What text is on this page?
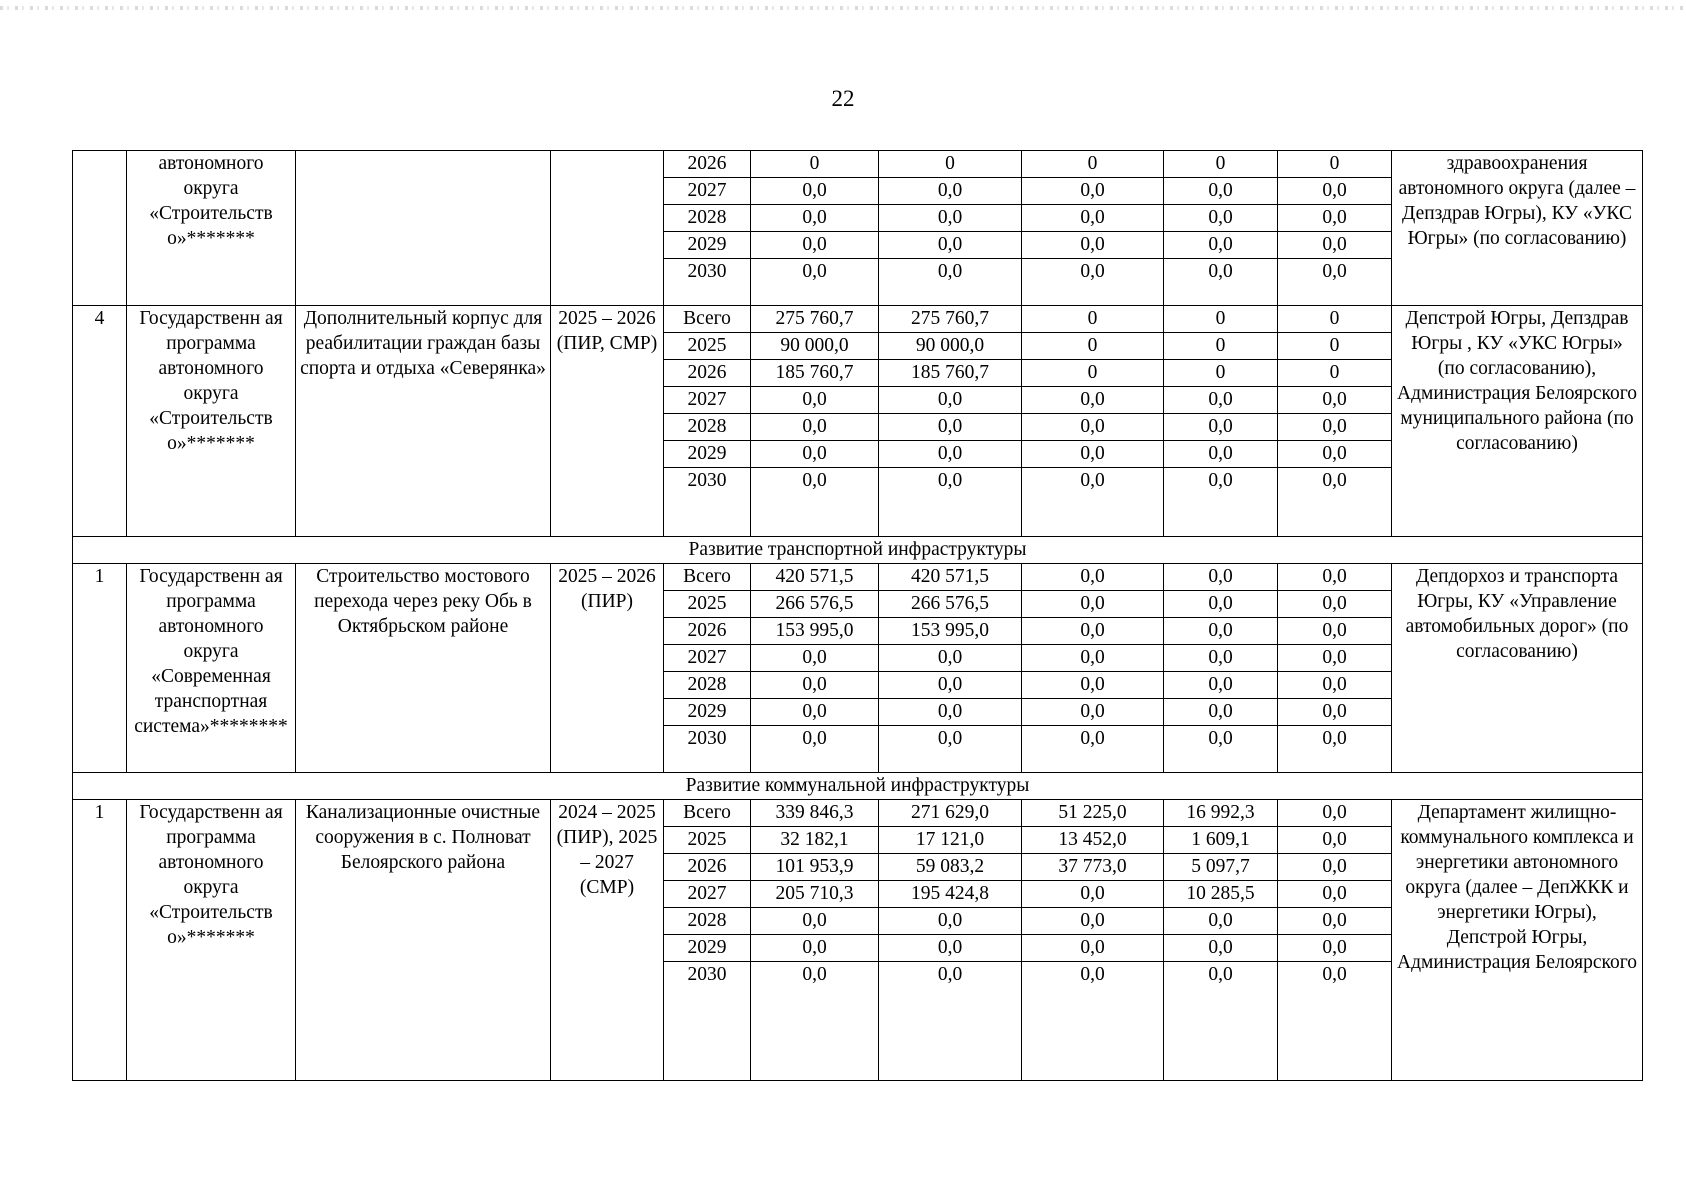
22
	автономного округа «Строительств о»*******			2026	0	0	0	0	0	здравоохранения автономного округа (далее – Депздрав Югры), КУ «УКС Югры» (по согласованию)
				2027	0,0	0,0	0,0	0,0	0,0	
				2028	0,0	0,0	0,0	0,0	0,0	
				2029	0,0	0,0	0,0	0,0	0,0	
				2030	0,0	0,0	0,0	0,0	0,0	
4	Государственн ая программа автономного округа «Строительств о»*******	Дополнительный корпус для реабилитации граждан базы спорта и отдыха «Северянка»	2025 – 2026 (ПИР, СМР)	Всего	275 760,7	275 760,7	0	0	0	Депстрой Югры, Депздрав Югры , КУ «УКС Югры» (по согласованию), Администрация Белоярского муниципального района (по согласованию)
				2025	90 000,0	90 000,0	0	0	0	
				2026	185 760,7	185 760,7	0	0	0	
				2027	0,0	0,0	0,0	0,0	0,0	
				2028	0,0	0,0	0,0	0,0	0,0	
				2029	0,0	0,0	0,0	0,0	0,0	
				2030	0,0	0,0	0,0	0,0	0,0	
Развитие транспортной инфраструктуры										
1	Государственн ая программа автономного округа «Современная транспортная система»********	Строительство мостового перехода через реку Обь в Октябрьском районе	2025 – 2026 (ПИР)	Всего	420 571,5	420 571,5	0,0	0,0	0,0	Депдорхоз и транспорта Югры, КУ «Управление автомобильных дорог» (по согласованию)
				2025	266 576,5	266 576,5	0,0	0,0	0,0	
				2026	153 995,0	153 995,0	0,0	0,0	0,0	
				2027	0,0	0,0	0,0	0,0	0,0	
				2028	0,0	0,0	0,0	0,0	0,0	
				2029	0,0	0,0	0,0	0,0	0,0	
				2030	0,0	0,0	0,0	0,0	0,0	
Развитие коммунальной инфраструктуры										
1	Государственн ая программа автономного округа «Строительств о»*******	Канализационные очистные сооружения в с. Полноват Белоярского района	2024 – 2025 (ПИР), 2025 – 2027 (СМР)	Всего	339 846,3	271 629,0	51 225,0	16 992,3	0,0	Департамент жилищно- коммунального комплекса и энергетики автономного округа (далее – ДепЖКК и энергетики Югры), Депстрой Югры, Администрация Белоярского
				2025	32 182,1	17 121,0	13 452,0	1 609,1	0,0	
				2026	101 953,9	59 083,2	37 773,0	5 097,7	0,0	
				2027	205 710,3	195 424,8	0,0	10 285,5	0,0	
				2028	0,0	0,0	0,0	0,0	0,0	
				2029	0,0	0,0	0,0	0,0	0,0	
				2030	0,0	0,0	0,0	0,0	0,0	
